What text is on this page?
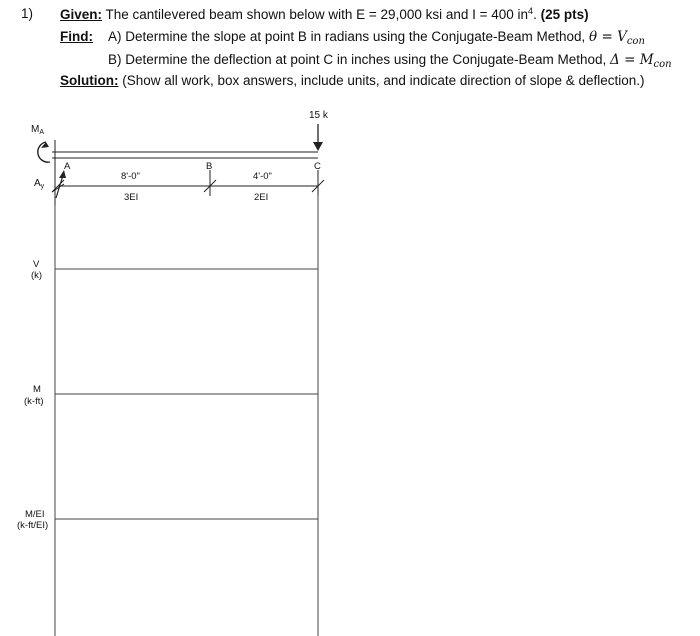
1) Given: The cantilevered beam shown below with E = 29,000 ksi and I = 400 $in^4$. (25 pts)
Find: A) Determine the slope at point B in radians using the Conjugate-Beam Method, $\theta = V_{con}$
B) Determine the deflection at point C in inches using the Conjugate-Beam Method, $\Delta = M_{con}$
Solution: (Show all work, box answers, include units, and indicate direction of slope & deflection.)
15 k
$M_A$
$A_y$
A	B	C
8'-0"
3EI
4'-0"
2EI
V
(k)
M
(k-ft)
M/EI
(k-ft/EI)
